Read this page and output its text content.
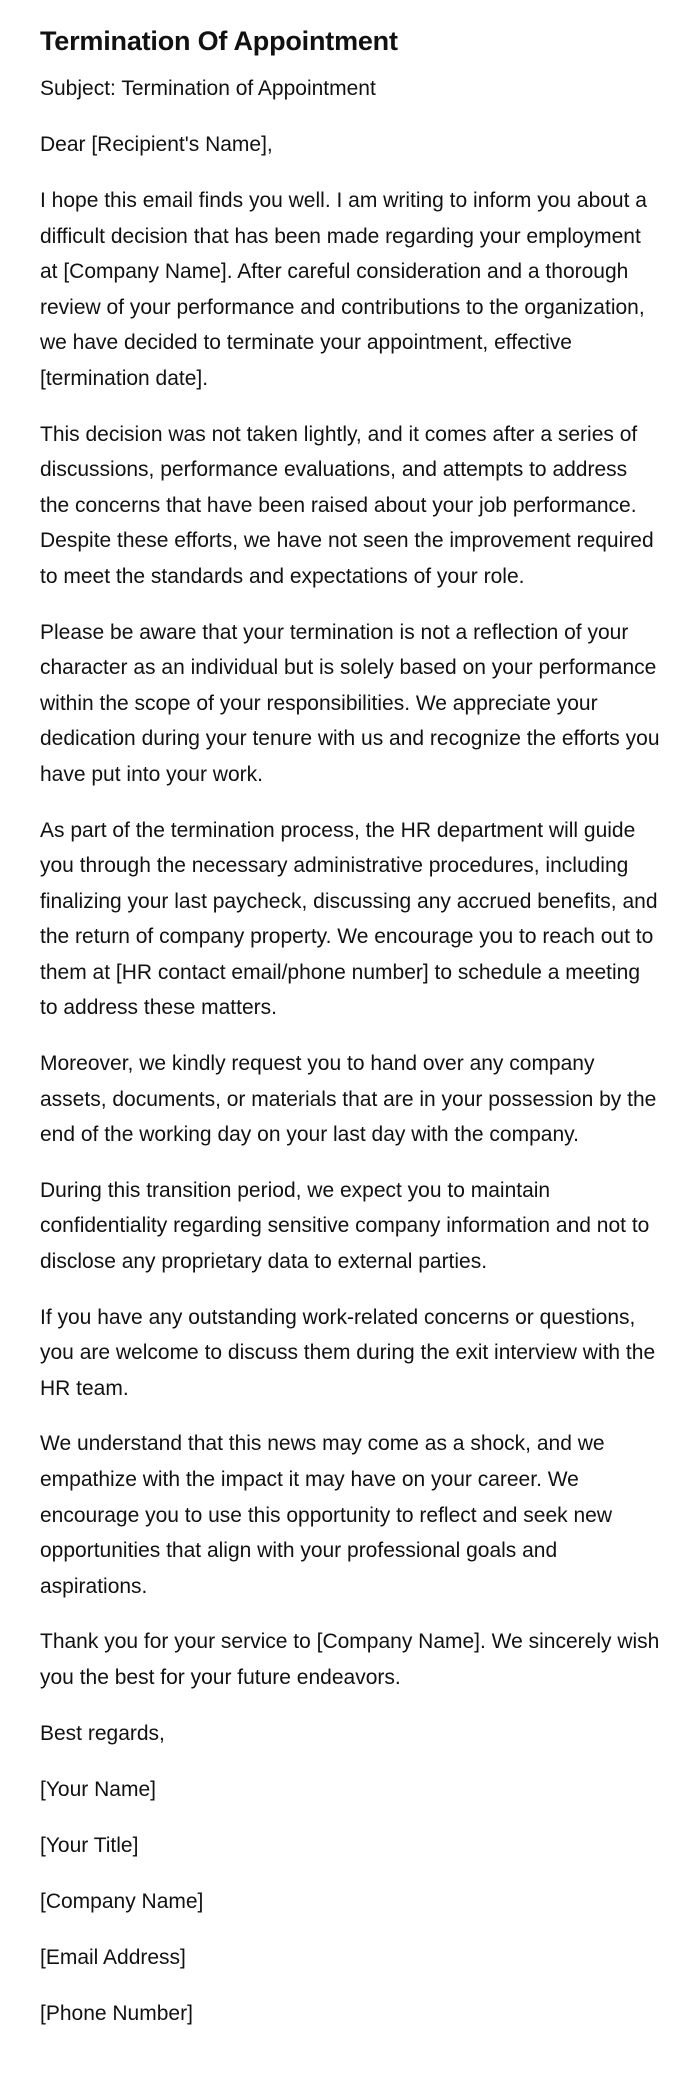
Termination Of Appointment

Subject: Termination of Appointment

Dear [Recipient's Name],

I hope this email finds you well. I am writing to inform you about a difficult decision that has been made regarding your employment at [Company Name]. After careful consideration and a thorough review of your performance and contributions to the organization, we have decided to terminate your appointment, effective [termination date].

This decision was not taken lightly, and it comes after a series of discussions, performance evaluations, and attempts to address the concerns that have been raised about your job performance. Despite these efforts, we have not seen the improvement required to meet the standards and expectations of your role.

Please be aware that your termination is not a reflection of your character as an individual but is solely based on your performance within the scope of your responsibilities. We appreciate your dedication during your tenure with us and recognize the efforts you have put into your work.

As part of the termination process, the HR department will guide you through the necessary administrative procedures, including finalizing your last paycheck, discussing any accrued benefits, and the return of company property. We encourage you to reach out to them at [HR contact email/phone number] to schedule a meeting to address these matters.

Moreover, we kindly request you to hand over any company assets, documents, or materials that are in your possession by the end of the working day on your last day with the company.

During this transition period, we expect you to maintain confidentiality regarding sensitive company information and not to disclose any proprietary data to external parties.

If you have any outstanding work-related concerns or questions, you are welcome to discuss them during the exit interview with the HR team.

We understand that this news may come as a shock, and we empathize with the impact it may have on your career. We encourage you to use this opportunity to reflect and seek new opportunities that align with your professional goals and aspirations.

Thank you for your service to [Company Name]. We sincerely wish you the best for your future endeavors.

Best regards,

[Your Name]

[Your Title]

[Company Name]

[Email Address]

[Phone Number]
